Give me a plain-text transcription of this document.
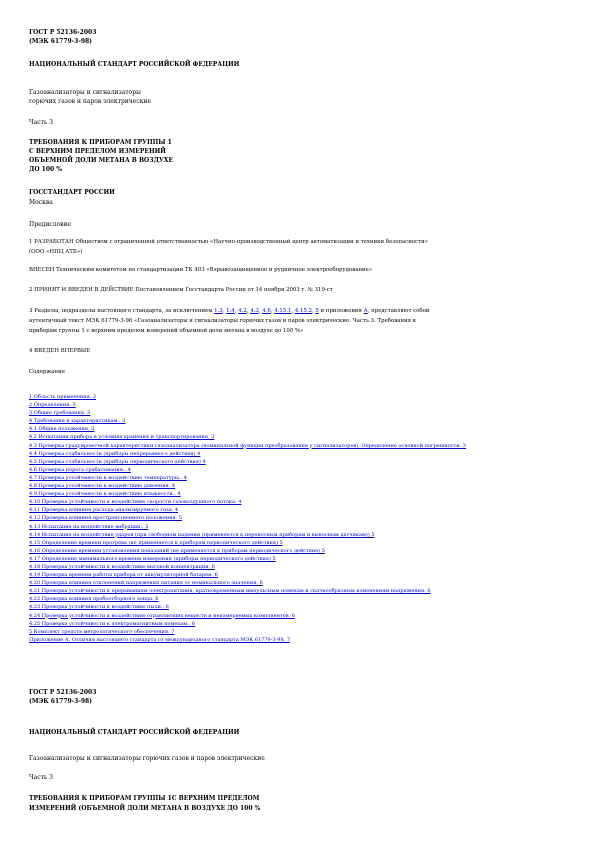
ГОСТ Р 52136-2003
(МЭК 61779-3-98)
НАЦИОНАЛЬНЫЙ СТАНДАРТ РОССИЙСКОЙ ФЕДЕРАЦИИ
Газоанализаторы и сигнализаторы
горючих газов и паров электрические
Часть 3
ТРЕБОВАНИЯ К ПРИБОРАМ ГРУППЫ 1
С ВЕРХНИМ ПРЕДЕЛОМ ИЗМЕРЕНИЙ
ОБЪЕМНОЙ ДОЛИ МЕТАНА В ВОЗДУХЕ
ДО 100 %
ГОССТАНДАРТ РОССИИ
Москва
Предисловие
1 РАЗРАБОТАН Обществом с ограниченной ответственностью «Научно-производственный центр автоматизации и техники безопасности»
(ООО «НПЦ АТБ»)
ВНЕСЕН Техническим комитетом по стандартизации ТК 403 «Взрывозащищенное и рудничное электрооборудование»
2 ПРИНЯТ И ВВЕДЕН В ДЕЙСТВИЕ Постановлением Госстандарта России от 14 ноября 2003 г. № 319-ст
3 Разделы, подразделы настоящего стандарта, за исключением 1.3, 1.4, 4.2, 4.3, 4.6, 4.15.1, 4.15.2, 5 и приложения А, представляют собой
аутентичный текст МЭК 61779-3-98 «Газоанализаторы и сигнализаторы горючих газов и паров электрические. Часть 3. Требования к
приборам группы 1 с верхним пределом измерений объемной доли метана в воздухе до 100 %»
4 ВВЕДЕН ВПЕРВЫЕ
Содержание
1 Область применения. 2
2 Определения. 3
3 Общие требования. 3
4 Требования к характеристикам.. 3
4.1 Общие положения. 3
4.2 Испытания прибора в условиях хранения и транспортирования. 3
4.3 Проверка градуировочной характеристики газоанализатора (номинальной функции преобразования у сигнализаторов). Определение основной погрешности. 3
4.4 Проверка стабильности (приборы непрерывного действия) 4
4.5 Проверка стабильности (приборы периодического действия) 4
4.6 Проверка порога срабатывания.. 4
4.7 Проверка устойчивости к воздействию температуры.. 4
4.8 Проверка устойчивости к воздействию давления. 4
4.9 Проверка устойчивости к воздействию влажности.. 4
4.10 Проверка устойчивости к воздействию скорости газовоздушного потока. 4
4.11 Проверка влияния расхода анализируемого газа. 4
4.12 Проверка влияния пространственного положения. 5
4.13 Испытание на воздействие вибрации.. 5
4.14 Испытание на воздействие ударов (при свободном падении (применяется к переносным приборам и выносным датчикам)) 5
4.15 Определение времени прогрева (не применяется к приборам периодического действия) 5
4.16 Определение времени установления показаний (не применяется к приборам периодического действия) 5
4.17 Определение минимального времени измерения (приборы периодического действия) 5
4.18 Проверка устойчивости к воздействию высокой концентрации. 6
4.19 Проверка времени работы прибора от аккумуляторной батареи. 6
4.20 Проверка влияния отклонений напряжения питания от номинального значения. 6
4.21 Проверка устойчивости к прерываниям электропитания, кратковременным импульсным помехам и скачкообразным изменениям напряжения. 6
4.22 Проверка влияния пробоотборного зонда. 6
4.23 Проверка устойчивости к воздействию пыли.. 6
4.24 Проверка устойчивости к воздействию отравляющих веществ и неизмеряемых компонентов. 6
4.25 Проверка устойчивости к электромагнитным помехам.. 6
5 Комплект средств метрологического обеспечения. 7
Приложение А. Отличия настоящего стандарта от международного стандарта МЭК 61779-3-98. 7
ГОСТ Р 52136-2003
(МЭК 61779-3-98)
НАЦИОНАЛЬНЫЙ СТАНДАРТ РОССИЙСКОЙ ФЕДЕРАЦИИ
Газоанализаторы и сигнализаторы горючих газов и паров электрические
Часть 3
ТРЕБОВАНИЯ К ПРИБОРАМ ГРУППЫ 1С ВЕРХНИМ ПРЕДЕЛОМ
ИЗМЕРЕНИЙ (ОБЪЕМНОЙ ДОЛИ МЕТАНА В ВОЗДУХЕ ДО 100 %
